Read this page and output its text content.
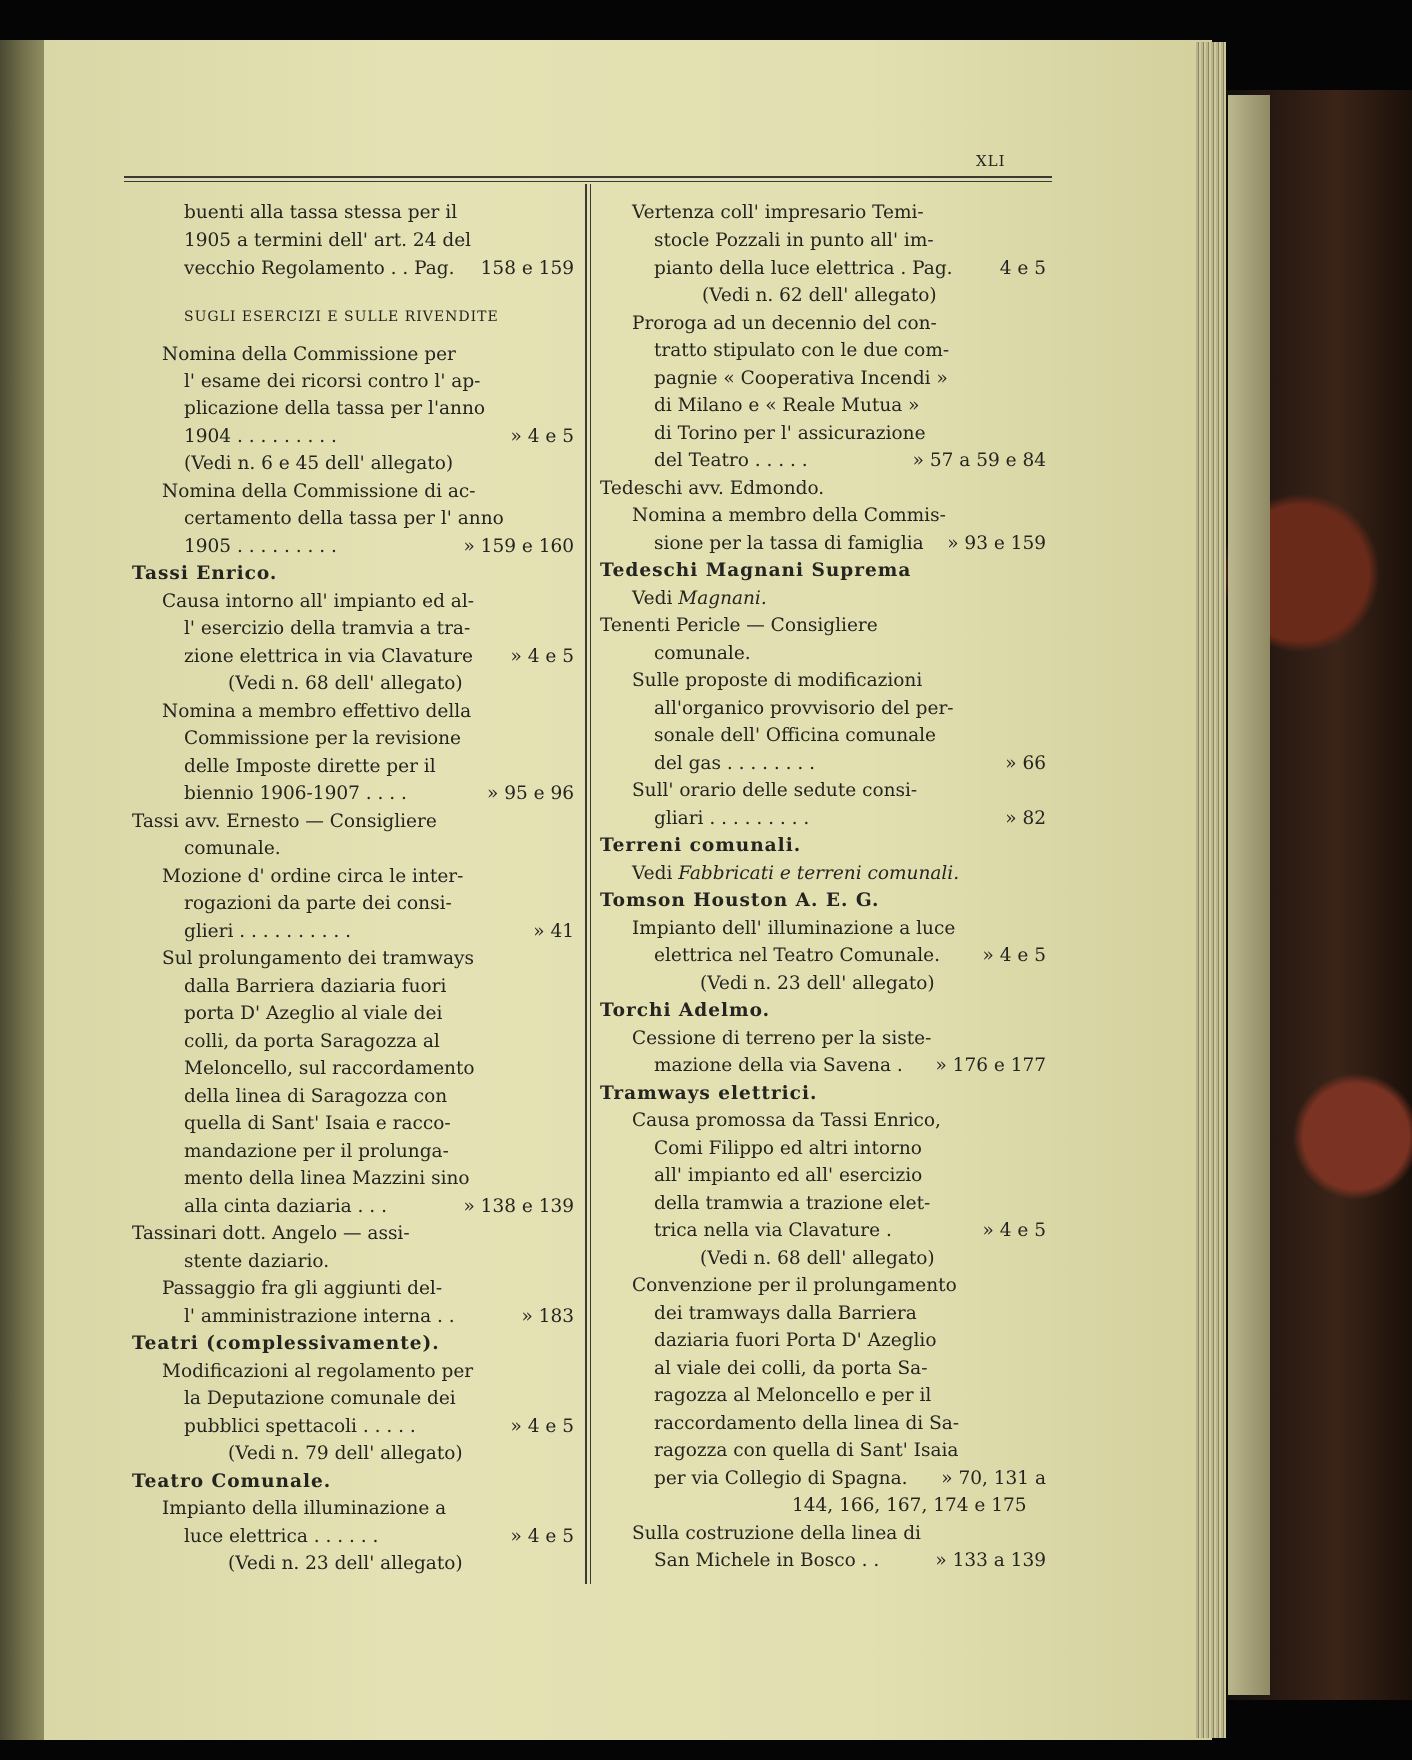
XLI
buenti alla tassa stessa per il
1905 a termini dell' art. 24 del
vecchio Regolamento . . Pag. 158 e 159
SUGLI ESERCIZI E SULLE RIVENDITE
Nomina della Commissione per
l' esame dei ricorsi contro l' ap-
plicazione della tassa per l'anno
1904 . . . . . . . . .	» 4 e 5
(Vedi n. 6 e 45 dell' allegato)
Nomina della Commissione di ac-
certamento della tassa per l' anno
1905 . . . . . . . . .	» 159 e 160
Tassi Enrico.
Causa intorno all' impianto ed al-
l' esercizio della tramvia a tra-
zione elettrica in via Clavature » 4 e 5
(Vedi n. 68 dell' allegato)
Nomina a membro effettivo della
Commissione per la revisione
delle Imposte dirette per il
biennio 1906-1907 . . . .	» 95 e 96
Tassi avv. Ernesto — Consigliere
comunale.
Mozione d' ordine circa le inter-
rogazioni da parte dei consi-
glieri . . . . . . . . . .	» 41
Sul prolungamento dei tramways
dalla Barriera daziaria fuori
porta D' Azeglio al viale dei
colli, da porta Saragozza al
Meloncello, sul raccordamento
della linea di Saragozza con
quella di Sant' Isaia e racco-
mandazione per il prolunga-
mento della linea Mazzini sino
alla cinta daziaria . . .	» 138 e 139
Tassinari dott. Angelo — assi-
stente daziario.
Passaggio fra gli aggiunti del-
l' amministrazione interna . .	» 183
Teatri (complessivamente).
Modificazioni al regolamento per
la Deputazione comunale dei
pubblici spettacoli . . . . .	» 4 e 5
(Vedi n. 79 dell' allegato)
Teatro Comunale.
Impianto della illuminazione a
luce elettrica . . . . . .	» 4 e 5
(Vedi n. 23 dell' allegato)
Vertenza coll' impresario Temi-
stocle Pozzali in punto all' im-
pianto della luce elettrica . Pag.	4 e 5
(Vedi n. 62 dell' allegato)
Proroga ad un decennio del con-
tratto stipulato con le due com-
pagnie « Cooperativa Incendi »
di Milano e « Reale Mutua »
di Torino per l' assicurazione
del Teatro . . . . .	» 57 a 59 e 84
Tedeschi avv. Edmondo.
Nomina a membro della Commis-
sione per la tassa di famiglia » 93 e 159
Tedeschi Magnani Suprema
Vedi Magnani.
Tenenti Pericle — Consigliere
comunale.
Sulle proposte di modificazioni
all'organico provvisorio del per-
sonale dell' Officina comunale
del gas . . . . . . . .	» 66
Sull' orario delle sedute consi-
gliari . . . . . . . . .	» 82
Terreni comunali.
Vedi Fabbricati e terreni comunali.
Tomson Houston A. E. G.
Impianto dell' illuminazione a luce
elettrica nel Teatro Comunale. » 4 e 5
(Vedi n. 23 dell' allegato)
Torchi Adelmo.
Cessione di terreno per la siste-
mazione della via Savena . » 176 e 177
Tramways elettrici.
Causa promossa da Tassi Enrico,
Comi Filippo ed altri intorno
all' impianto ed all' esercizio
della tramwia a trazione elet-
trica nella via Clavature .	» 4 e 5
(Vedi n. 68 dell' allegato)
Convenzione per il prolungamento
dei tramways dalla Barriera
daziaria fuori Porta D' Azeglio
al viale dei colli, da porta Sa-
ragozza al Meloncello e per il
raccordamento della linea di Sa-
ragozza con quella di Sant' Isaia
per via Collegio di Spagna. » 70, 131 a
144, 166, 167, 174 e 175
Sulla costruzione della linea di
San Michele in Bosco . .	» 133 a 139
